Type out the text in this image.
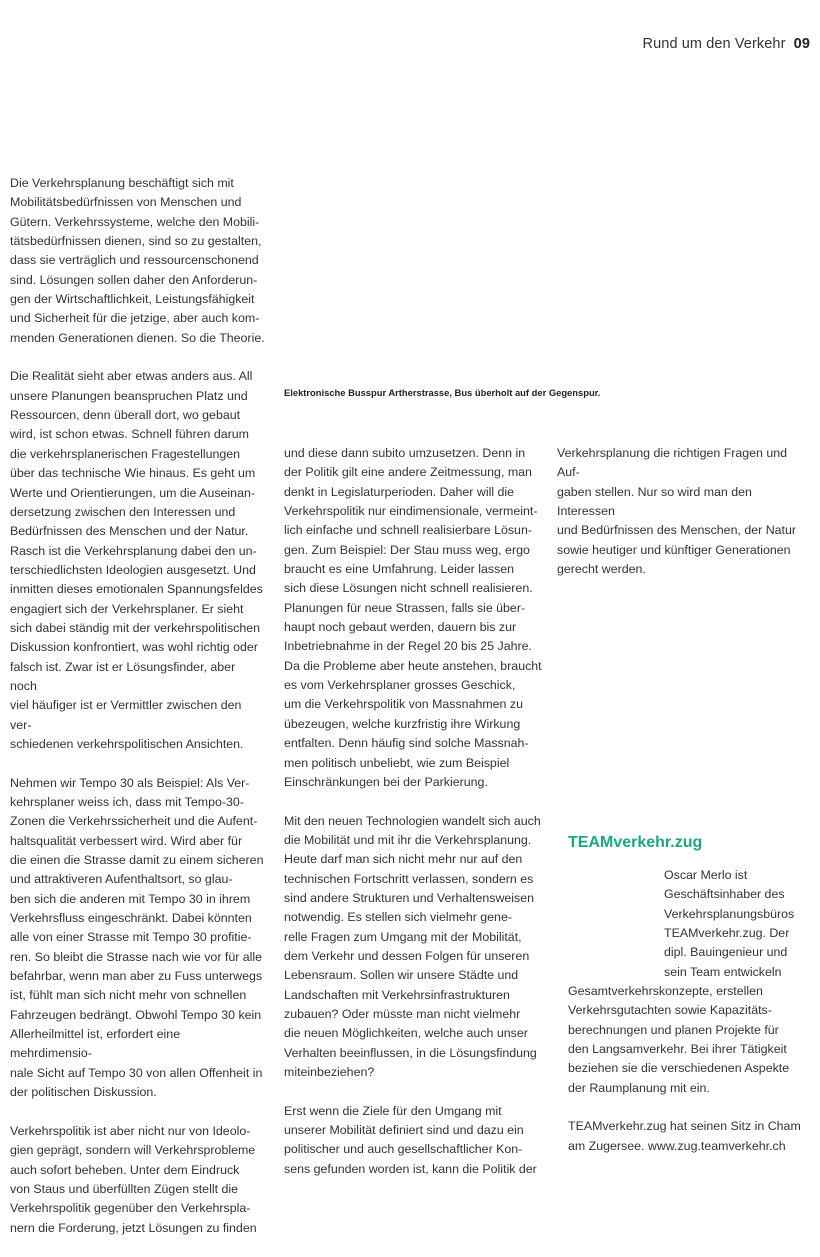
Rund um den Verkehr 09

Die Verkehrsplanung beschäftigt sich mit
Mobilitätsbedürfnissen von Menschen und
Gütern. Verkehrssysteme, welche den Mobili-
tätsbedürfnissen dienen, sind so zu gestalten,
dass sie verträglich und ressourcenschonend
sind. Lösungen sollen daher den Anforderun-
gen der Wirtschaftlichkeit, Leistungsfähigkeit
und Sicherheit für die jetzige, aber auch kom-
menden Generationen dienen. So die Theorie.

Die Realität sieht aber etwas anders aus. All
unsere Planungen beanspruchen Platz und
Ressourcen, denn überall dort, wo gebaut
wird, ist schon etwas. Schnell führen darum
die verkehrsplanerischen Fragestellungen
über das technische Wie hinaus. Es geht um
Werte und Orientierungen, um die Auseinan-
dersetzung zwischen den Interessen und
Bedürfnissen des Menschen und der Natur.
Rasch ist die Verkehrsplanung dabei den un-
terschiedlichsten Ideologien ausgesetzt. Und
inmitten dieses emotionalen Spannungsfeldes
engagiert sich der Verkehrsplaner. Er sieht
sich dabei ständig mit der verkehrspolitischen
Diskussion konfrontiert, was wohl richtig oder
falsch ist. Zwar ist er Lösungsfinder, aber noch
viel häufiger ist er Vermittler zwischen den ver-
schiedenen verkehrspolitischen Ansichten.

Nehmen wir Tempo 30 als Beispiel: Als Ver-
kehrsplaner weiss ich, dass mit Tempo-30-
Zonen die Verkehrssicherheit und die Aufent-
haltsqualität verbessert wird. Wird aber für
die einen die Strasse damit zu einem sicheren
und attraktiveren Aufenthaltsort, so glau-
ben sich die anderen mit Tempo 30 in ihrem
Verkehrsfluss eingeschränkt. Dabei könnten
alle von einer Strasse mit Tempo 30 profitie-
ren. So bleibt die Strasse nach wie vor für alle
befahrbar, wenn man aber zu Fuss unterwegs
ist, fühlt man sich nicht mehr von schnellen
Fahrzeugen bedrängt. Obwohl Tempo 30 kein
Allerheilmittel ist, erfordert eine mehrdimensio-
nale Sicht auf Tempo 30 von allen Offenheit in
der politischen Diskussion.

Verkehrspolitik ist aber nicht nur von Ideolo-
gien geprägt, sondern will Verkehrsprobleme
auch sofort beheben. Unter dem Eindruck
von Staus und überfüllten Zügen stellt die
Verkehrspolitik gegenüber den Verkehrspla-
nern die Forderung, jetzt Lösungen zu finden

Elektronische Busspur Artherstrasse, Bus überholt auf der Gegenspur.

und diese dann subito umzusetzen. Denn in
der Politik gilt eine andere Zeitmessung, man
denkt in Legislaturperioden. Daher will die
Verkehrspolitik nur eindimensionale, vermeint-
lich einfache und schnell realisierbare Lösun-
gen. Zum Beispiel: Der Stau muss weg, ergo
braucht es eine Umfahrung. Leider lassen
sich diese Lösungen nicht schnell realisieren.
Planungen für neue Strassen, falls sie über-
haupt noch gebaut werden, dauern bis zur
Inbetriebnahme in der Regel 20 bis 25 Jahre.
Da die Probleme aber heute anstehen, braucht
es vom Verkehrsplaner grosses Geschick,
um die Verkehrspolitik von Massnahmen zu
übezeugen, welche kurzfristig ihre Wirkung
entfalten. Denn häufig sind solche Massnah-
men politisch unbeliebt, wie zum Beispiel
Einschränkungen bei der Parkierung.

Mit den neuen Technologien wandelt sich auch
die Mobilität und mit ihr die Verkehrsplanung.
Heute darf man sich nicht mehr nur auf den
technischen Fortschritt verlassen, sondern es
sind andere Strukturen und Verhaltensweisen
notwendig. Es stellen sich vielmehr gene-
relle Fragen zum Umgang mit der Mobilität,
dem Verkehr und dessen Folgen für unseren
Lebensraum. Sollen wir unsere Städte und
Landschaften mit Verkehrsinfrastrukturen
zubauen? Oder müsste man nicht vielmehr
die neuen Möglichkeiten, welche auch unser
Verhalten beeinflussen, in die Lösungsfindung
miteinbeziehen?

Erst wenn die Ziele für den Umgang mit
unserer Mobilität definiert sind und dazu ein
politischer und auch gesellschaftlicher Kon-
sens gefunden worden ist, kann die Politik der

Verkehrsplanung die richtigen Fragen und Auf-
gaben stellen. Nur so wird man den Interessen
und Bedürfnissen des Menschen, der Natur
sowie heutiger und künftiger Generationen
gerecht werden.

TEAMverkehr.zug
Oscar Merlo ist
Geschäftsinhaber des
Verkehrsplanungsbüros
TEAMverkehr.zug. Der
dipl. Bauingenieur und
sein Team entwickeln
Gesamtverkehrskonzepte, erstellen
Verkehrsgutachten sowie Kapazitäts-
berechnungen und planen Projekte für
den Langsamverkehr. Bei ihrer Tätigkeit
beziehen sie die verschiedenen Aspekte
der Raumplanung mit ein.

TEAMverkehr.zug hat seinen Sitz in Cham
am Zugersee. www.zug.teamverkehr.ch
